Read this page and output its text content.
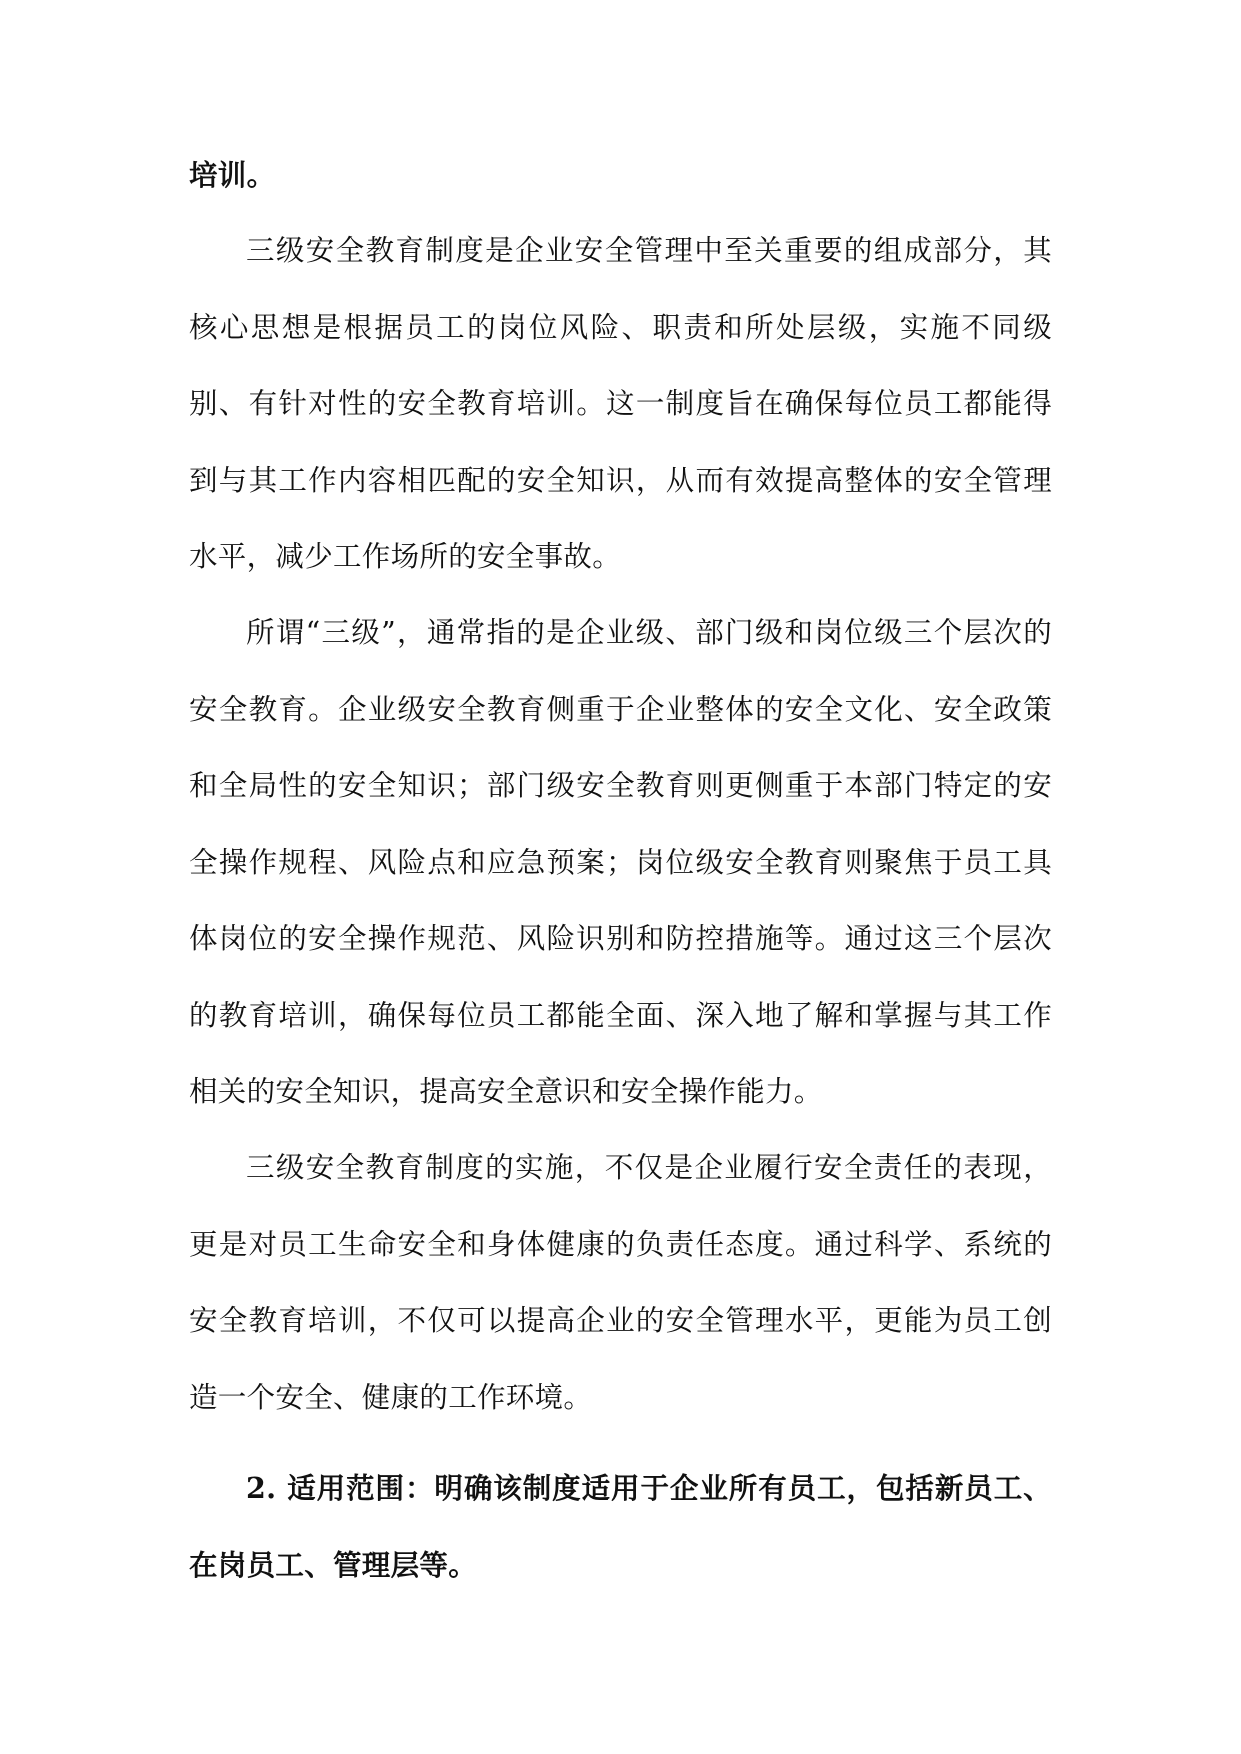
培训。

三级安全教育制度是企业安全管理中至关重要的组成部分，其核心思想是根据员工的岗位风险、职责和所处层级，实施不同级别、有针对性的安全教育培训。这一制度旨在确保每位员工都能得到与其工作内容相匹配的安全知识，从而有效提高整体的安全管理水平，减少工作场所的安全事故。

所谓“三级”，通常指的是企业级、部门级和岗位级三个层次的安全教育。企业级安全教育侧重于企业整体的安全文化、安全政策和全局性的安全知识；部门级安全教育则更侧重于本部门特定的安全操作规程、风险点和应急预案；岗位级安全教育则聚焦于员工具体岗位的安全操作规范、风险识别和防控措施等。通过这三个层次的教育培训，确保每位员工都能全面、深入地了解和掌握与其工作相关的安全知识，提高安全意识和安全操作能力。

三级安全教育制度的实施，不仅是企业履行安全责任的表现，更是对员工生命安全和身体健康的负责任态度。通过科学、系统的安全教育培训，不仅可以提高企业的安全管理水平，更能为员工创造一个安全、健康的工作环境。

2. 适用范围：明确该制度适用于企业所有员工，包括新员工、在岗员工、管理层等。
